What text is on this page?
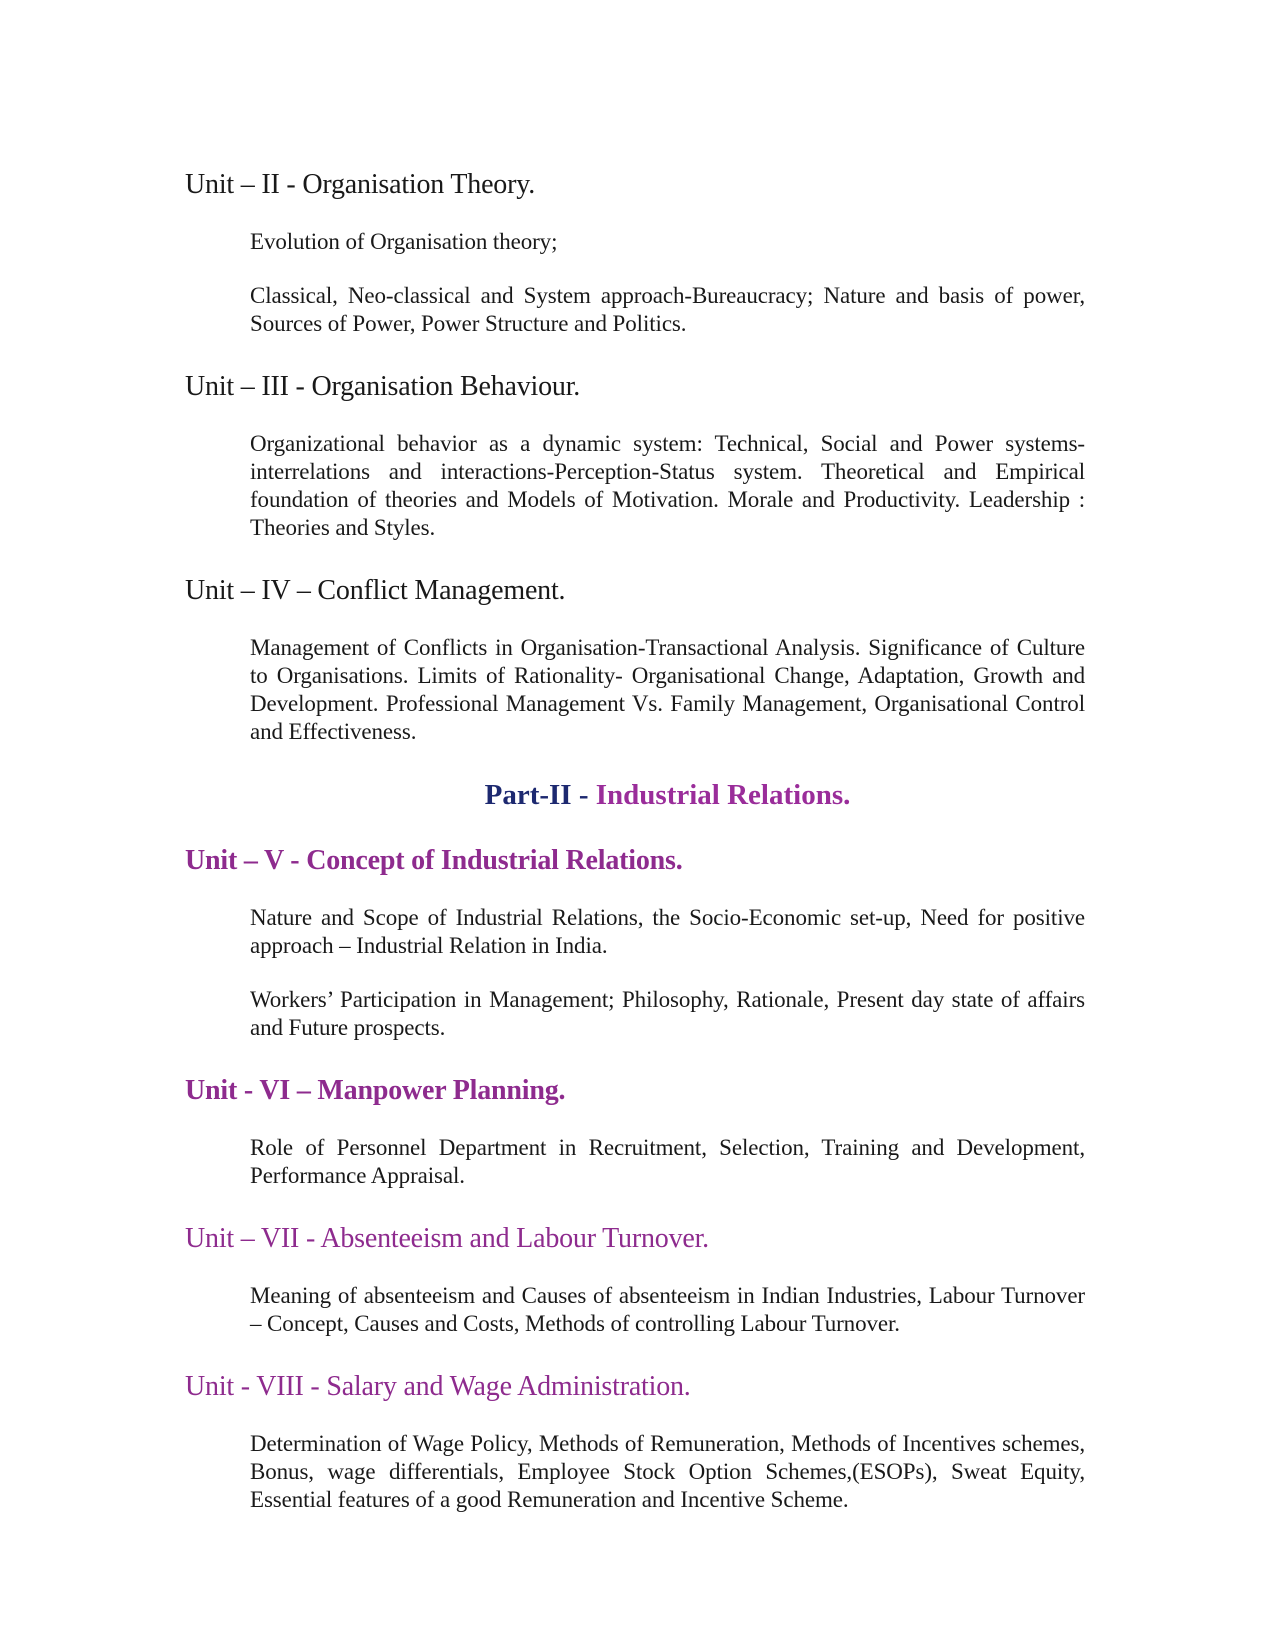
Unit – II - Organisation Theory.

Evolution of Organisation theory;

Classical, Neo-classical and System approach-Bureaucracy; Nature and basis of power, Sources of Power, Power Structure and Politics.

Unit – III - Organisation Behaviour.

Organizational behavior as a dynamic system: Technical, Social and Power systems-interrelations and interactions-Perception-Status system. Theoretical and Empirical foundation of theories and Models of Motivation. Morale and Productivity. Leadership : Theories and Styles.

Unit – IV – Conflict Management.

Management of Conflicts in Organisation-Transactional Analysis. Significance of Culture to Organisations. Limits of Rationality- Organisational Change, Adaptation, Growth and Development. Professional Management Vs. Family Management, Organisational Control and Effectiveness.

Part-II - Industrial Relations.
Unit – V - Concept of Industrial Relations.

Nature and Scope of Industrial Relations, the Socio-Economic set-up, Need for positive approach – Industrial Relation in India.

Workers’ Participation in Management; Philosophy, Rationale, Present day state of affairs and Future prospects.

Unit - VI – Manpower Planning.

Role of Personnel Department in Recruitment, Selection, Training and Development, Performance Appraisal.

Unit – VII - Absenteeism and Labour Turnover.

Meaning of absenteeism and Causes of absenteeism in Indian Industries, Labour Turnover – Concept, Causes and Costs, Methods of controlling Labour Turnover.

Unit - VIII - Salary and Wage Administration.

Determination of Wage Policy, Methods of Remuneration, Methods of Incentives schemes, Bonus, wage differentials, Employee Stock Option Schemes,(ESOPs), Sweat Equity, Essential features of a good Remuneration and Incentive Scheme.
